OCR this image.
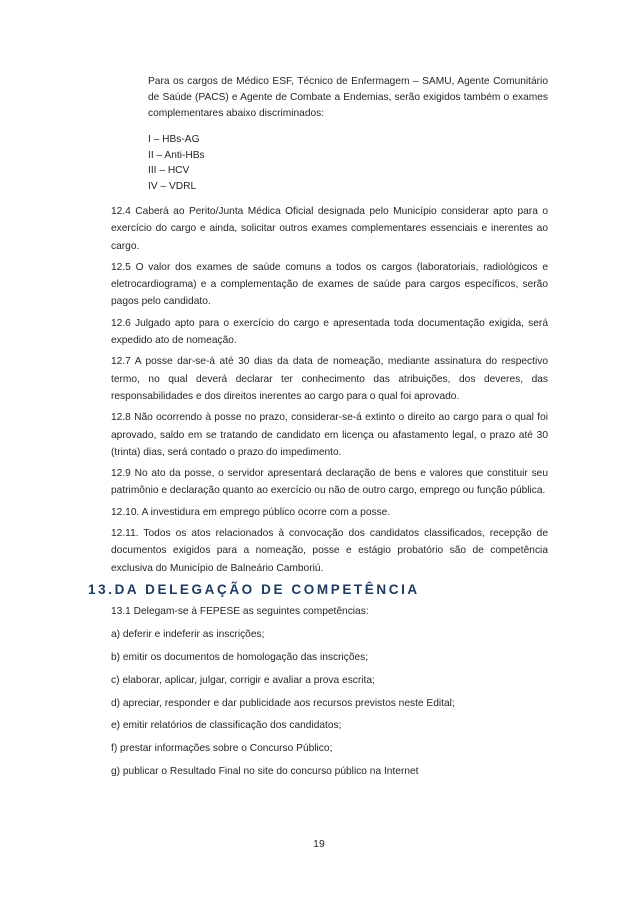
Para os cargos de Médico ESF, Técnico de Enfermagem – SAMU, Agente Comunitário de Saúde (PACS) e Agente de Combate a Endemias, serão exigidos também o exames complementares abaixo discriminados:

I – HBs-AG

II – Anti-HBs

III – HCV

IV – VDRL

12.4 Caberá ao Perito/Junta Médica Oficial designada pelo Município considerar apto para o exercício do cargo e ainda, solicitar outros exames complementares essenciais e inerentes ao cargo.

12.5 O valor dos exames de saúde comuns a todos os cargos (laboratoriais, radiológicos e eletrocardiograma) e a complementação de exames de saúde para cargos específicos, serão pagos pelo candidato.

12.6 Julgado apto para o exercício do cargo e apresentada toda documentação exigida, será expedido ato de nomeação.

12.7 A posse dar-se-á até 30 dias da data de nomeação, mediante assinatura do respectivo termo, no qual deverá declarar ter conhecimento das atribuições, dos deveres, das responsabilidades e dos direitos inerentes ao cargo para o qual foi aprovado.

12.8 Não ocorrendo à posse no prazo, considerar-se-á extinto o direito ao cargo para o qual foi aprovado, saldo em se tratando de candidato em licença ou afastamento legal, o prazo até 30 (trinta) dias, será contado o prazo do impedimento.

12.9 No ato da posse, o servidor apresentará declaração de bens e valores que constituir seu patrimônio e declaração quanto ao exercício ou não de outro cargo, emprego ou função pública.

12.10. A investidura em emprego público ocorre com a posse.

12.11. Todos os atos relacionados à convocação dos candidatos classificados, recepção de documentos exigidos para a nomeação, posse e estágio probatório são de competência exclusiva do Município de Balneário Camboriú.

13.DA DELEGAÇÃO DE COMPETÊNCIA

13.1 Delegam-se à FEPESE as seguintes competências:

a) deferir e indeferir as inscrições;

b) emitir os documentos de homologação das inscrições;

c) elaborar, aplicar, julgar, corrigir e avaliar a prova escrita;

d) apreciar, responder e dar publicidade aos recursos previstos neste Edital;

e) emitir relatórios de classificação dos candidatos;

f) prestar informações sobre o Concurso Público;

g) publicar o Resultado Final no site do concurso público na Internet

19
